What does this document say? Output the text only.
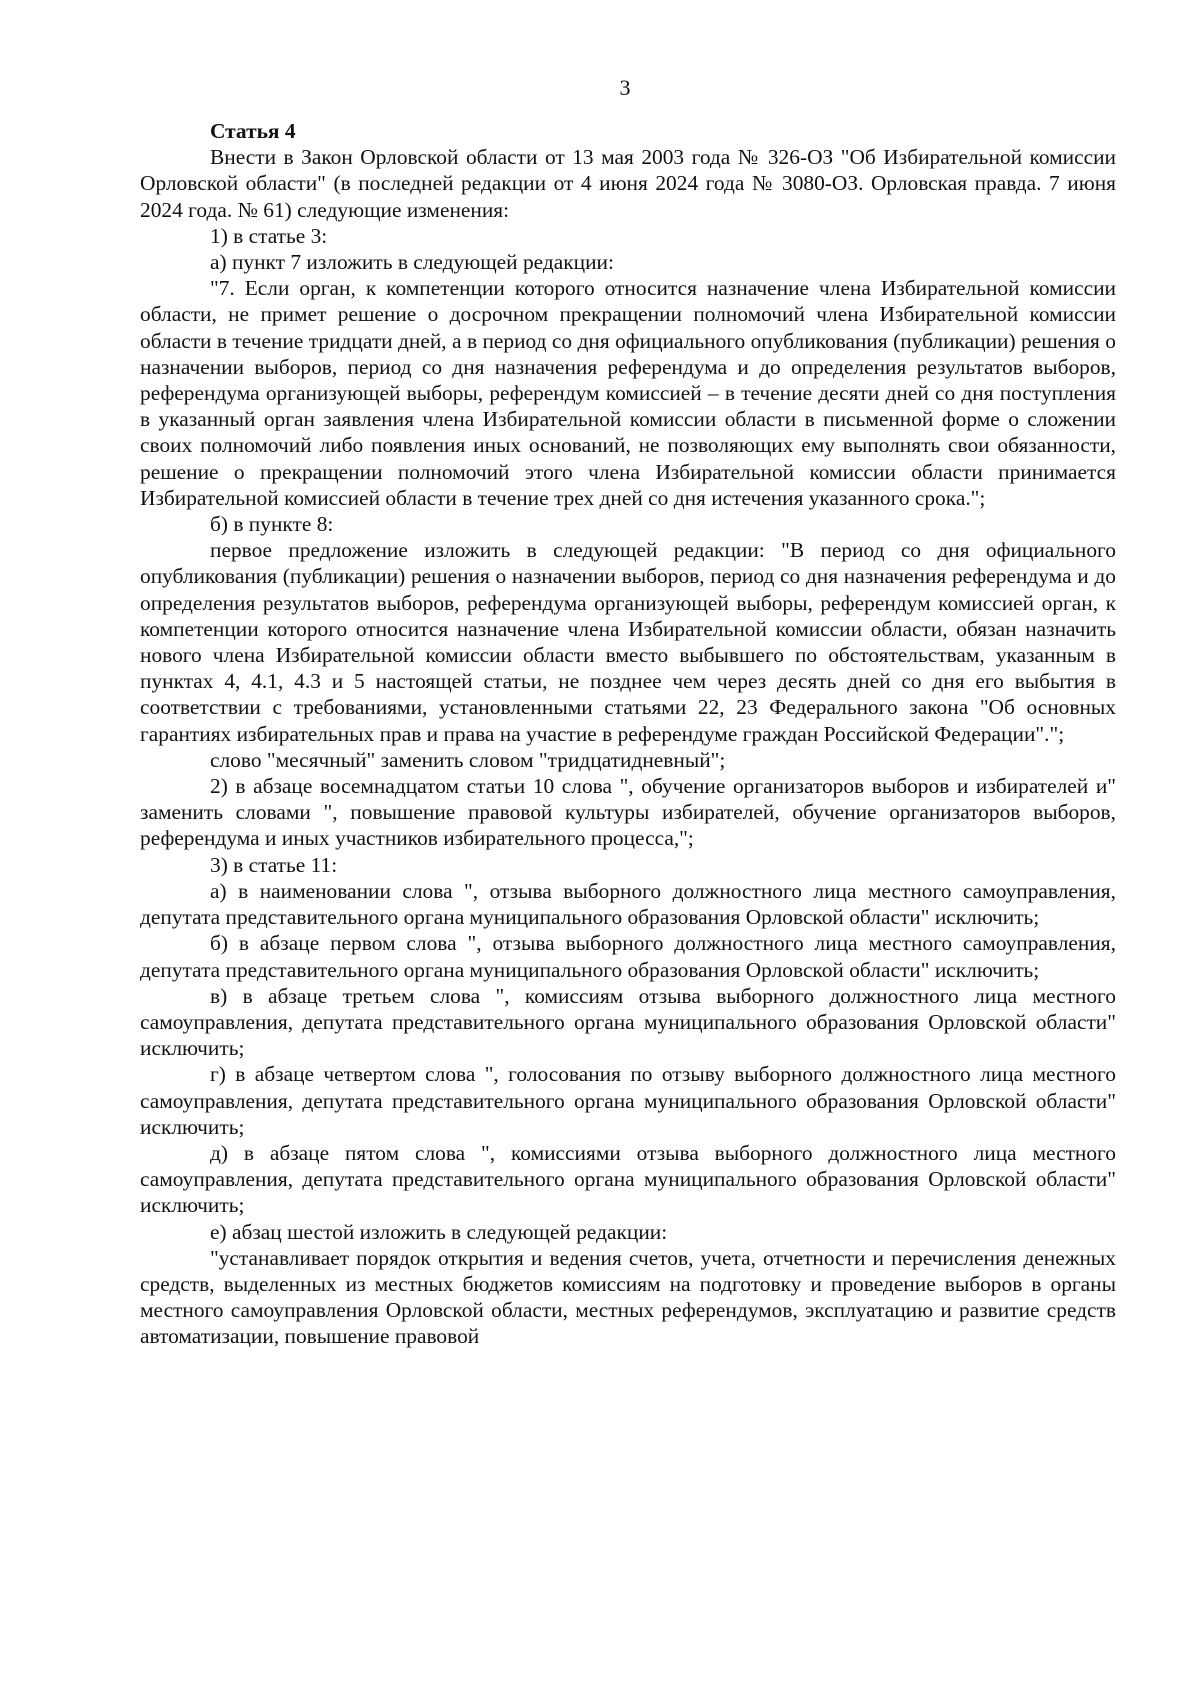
3

Статья 4

Внести в Закон Орловской области от 13 мая 2003 года № 326-ОЗ "Об Избирательной комиссии Орловской области" (в последней редакции от 4 июня 2024 года № 3080-ОЗ. Орловская правда. 7 июня 2024 года. № 61) следующие изменения:

1) в статье 3:

а) пункт 7 изложить в следующей редакции:

"7. Если орган, к компетенции которого относится назначение члена Избирательной комиссии области, не примет решение о досрочном прекращении полномочий члена Избирательной комиссии области в течение тридцати дней, а в период со дня официального опубликования (публикации) решения о назначении выборов, период со дня назначения референдума и до определения результатов выборов, референдума организующей выборы, референдум комиссией – в течение десяти дней со дня поступления в указанный орган заявления члена Избирательной комиссии области в письменной форме о сложении своих полномочий либо появления иных оснований, не позволяющих ему выполнять свои обязанности, решение о прекращении полномочий этого члена Избирательной комиссии области принимается Избирательной комиссией области в течение трех дней со дня истечения указанного срока.";

б) в пункте 8:

первое предложение изложить в следующей редакции: "В период со дня официального опубликования (публикации) решения о назначении выборов, период со дня назначения референдума и до определения результатов выборов, референдума организующей выборы, референдум комиссией орган, к компетенции которого относится назначение члена Избирательной комиссии области, обязан назначить нового члена Избирательной комиссии области вместо выбывшего по обстоятельствам, указанным в пунктах 4, 4.1, 4.3 и 5 настоящей статьи, не позднее чем через десять дней со дня его выбытия в соответствии с требованиями, установленными статьями 22, 23 Федерального закона "Об основных гарантиях избирательных прав и права на участие в референдуме граждан Российской Федерации".";

слово "месячный" заменить словом "тридцатидневный";

2) в абзаце восемнадцатом статьи 10 слова ", обучение организаторов выборов и избирателей и" заменить словами ", повышение правовой культуры избирателей, обучение организаторов выборов, референдума и иных участников избирательного процесса,";

3) в статье 11:

а) в наименовании слова ", отзыва выборного должностного лица местного самоуправления, депутата представительного органа муниципального образования Орловской области" исключить;

б) в абзаце первом слова ", отзыва выборного должностного лица местного самоуправления, депутата представительного органа муниципального образования Орловской области" исключить;

в) в абзаце третьем слова ", комиссиям отзыва выборного должностного лица местного самоуправления, депутата представительного органа муниципального образования Орловской области" исключить;

г) в абзаце четвертом слова ", голосования по отзыву выборного должностного лица местного самоуправления, депутата представительного органа муниципального образования Орловской области" исключить;

д) в абзаце пятом слова ", комиссиями отзыва выборного должностного лица местного самоуправления, депутата представительного органа муниципального образования Орловской области" исключить;

е) абзац шестой изложить в следующей редакции:

"устанавливает порядок открытия и ведения счетов, учета, отчетности и перечисления денежных средств, выделенных из местных бюджетов комиссиям на подготовку и проведение выборов в органы местного самоуправления Орловской области, местных референдумов, эксплуатацию и развитие средств автоматизации, повышение правовой
